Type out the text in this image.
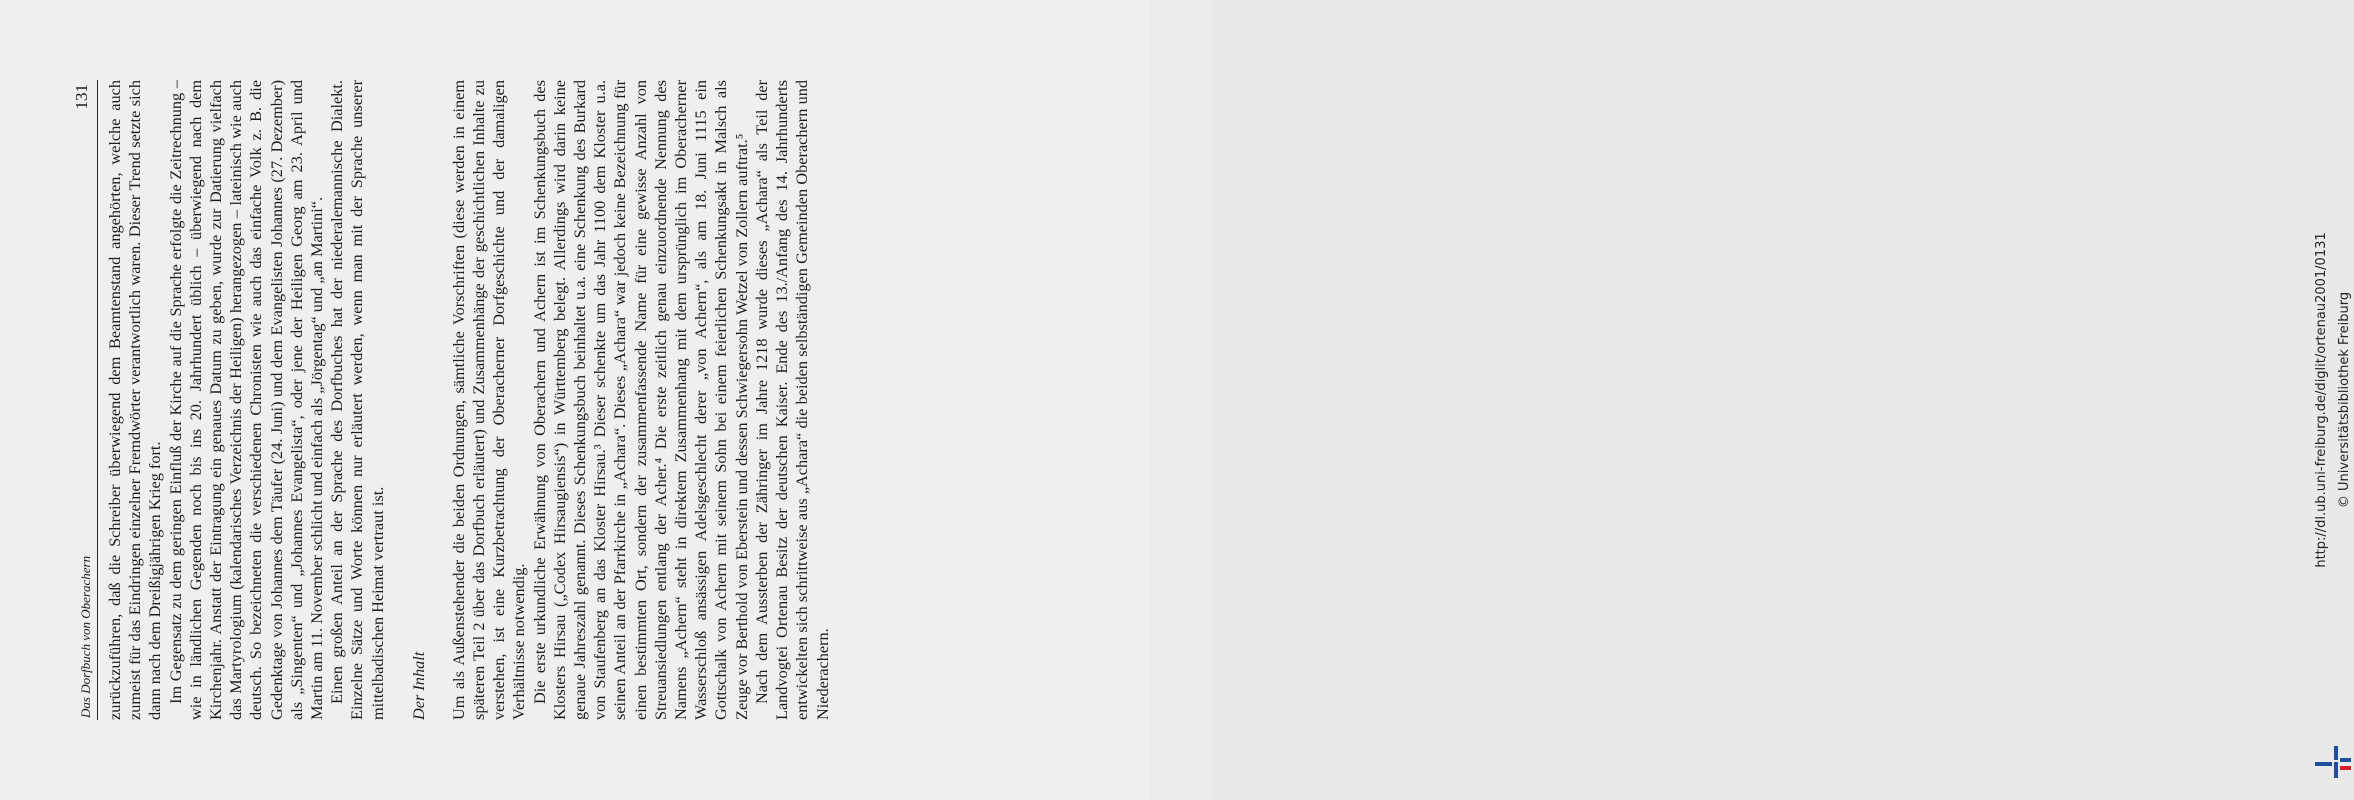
Das Dorfbuch von Oberachern
131 zurückzuführen, daß die Schreiber überwiegend dem Beamtenstand angehörten, welche auch zumeist für das Eindringen einzelner Fremdwörter verantwortlich waren. Dieser Trend setzte sich dann nach dem Dreißigjährigen Krieg fort. Im Gegensatz zu dem geringen Einfluß der Kirche auf die Sprache erfolgte die Zeitrechnung – wie in ländlichen Gegenden noch bis ins 20. Jahrhundert üblich – überwiegend nach dem Kirchenjahr. Anstatt der Eintragung ein genaues Datum zu geben, wurde zur Datierung vielfach das Martyrologium (kalendarisches Verzeichnis der Heiligen) herangezogen – lateinisch wie auch deutsch. So bezeichneten die verschiedenen Chronisten wie auch das einfache Volk z. B. die Gedenktage von Johannes dem Täufer (24. Juni) und dem Evangelisten Johannes (27. Dezember) als „Singenten“ und „Johannes Evangelista“, oder jene der Heiligen Georg am 23. April und Martin am 11. November schlicht und einfach als „Jörgentag“ und „an Martini“. Einen großen Anteil an der Sprache des Dorfbuches hat der niederalemannische Dialekt. Einzelne Sätze und Worte können nur erläutert werden, wenn man mit der Sprache unserer mittelbadischen Heimat vertraut ist. Der Inhalt Um als Außenstehender die beiden Ordnungen, sämtliche Vorschriften (diese werden in einem späteren Teil 2 über das Dorfbuch erläutert) und Zusammenhänge der geschichtlichen Inhalte zu verstehen, ist eine Kurzbetrachtung der Oberacherner Dorfgeschichte und der damaligen Verhältnisse notwendig. Die erste urkundliche Erwähnung von Oberachern und Achern ist im Schenkungsbuch des Klosters Hirsau („Codex Hirsaugiensis“) in Württemberg belegt. Allerdings wird darin keine genaue Jahreszahl genannt. Dieses Schenkungsbuch beinhaltet u.a. eine Schenkung des Burkard von Staufenberg an das Kloster Hirsau.³ Dieser schenkte um das Jahr 1100 dem Kloster u.a. seinen Anteil an der Pfarrkirche in „Achara“. Dieses „Achara“ war jedoch keine Bezeichnung für einen bestimmten Ort, sondern der zusammenfassende Name für eine gewisse Anzahl von Streuansiedlungen entlang der Acher.⁴ Die erste zeitlich genau einzuordnende Nennung des Namens „Achern“ steht in direktem Zusammenhang mit dem ursprünglich im Oberacherner Wasserschloß ansässigen Adelsgeschlecht derer „von Achern“, als am 18. Juni 1115 ein Gottschalk von Achern mit seinem Sohn bei einem feierlichen Schenkungsakt in Malsch als Zeuge vor Berthold von Eberstein und dessen Schwiegersohn Wetzel von Zollern auftrat.⁵ Nach dem Aussterben der Zähringer im Jahre 1218 wurde dieses „Achara“ als Teil der Landvogtei Ortenau Besitz der deutschen Kaiser. Ende des 13./Anfang des 14. Jahrhunderts entwickelten sich schrittweise aus „Achara“ die beiden selbständigen Gemeinden Oberachern und Niederachern.

http://dl.ub.uni-freiburg.de/diglit/ortenau2001/0131 © Universitätsbibliothek Freiburg
